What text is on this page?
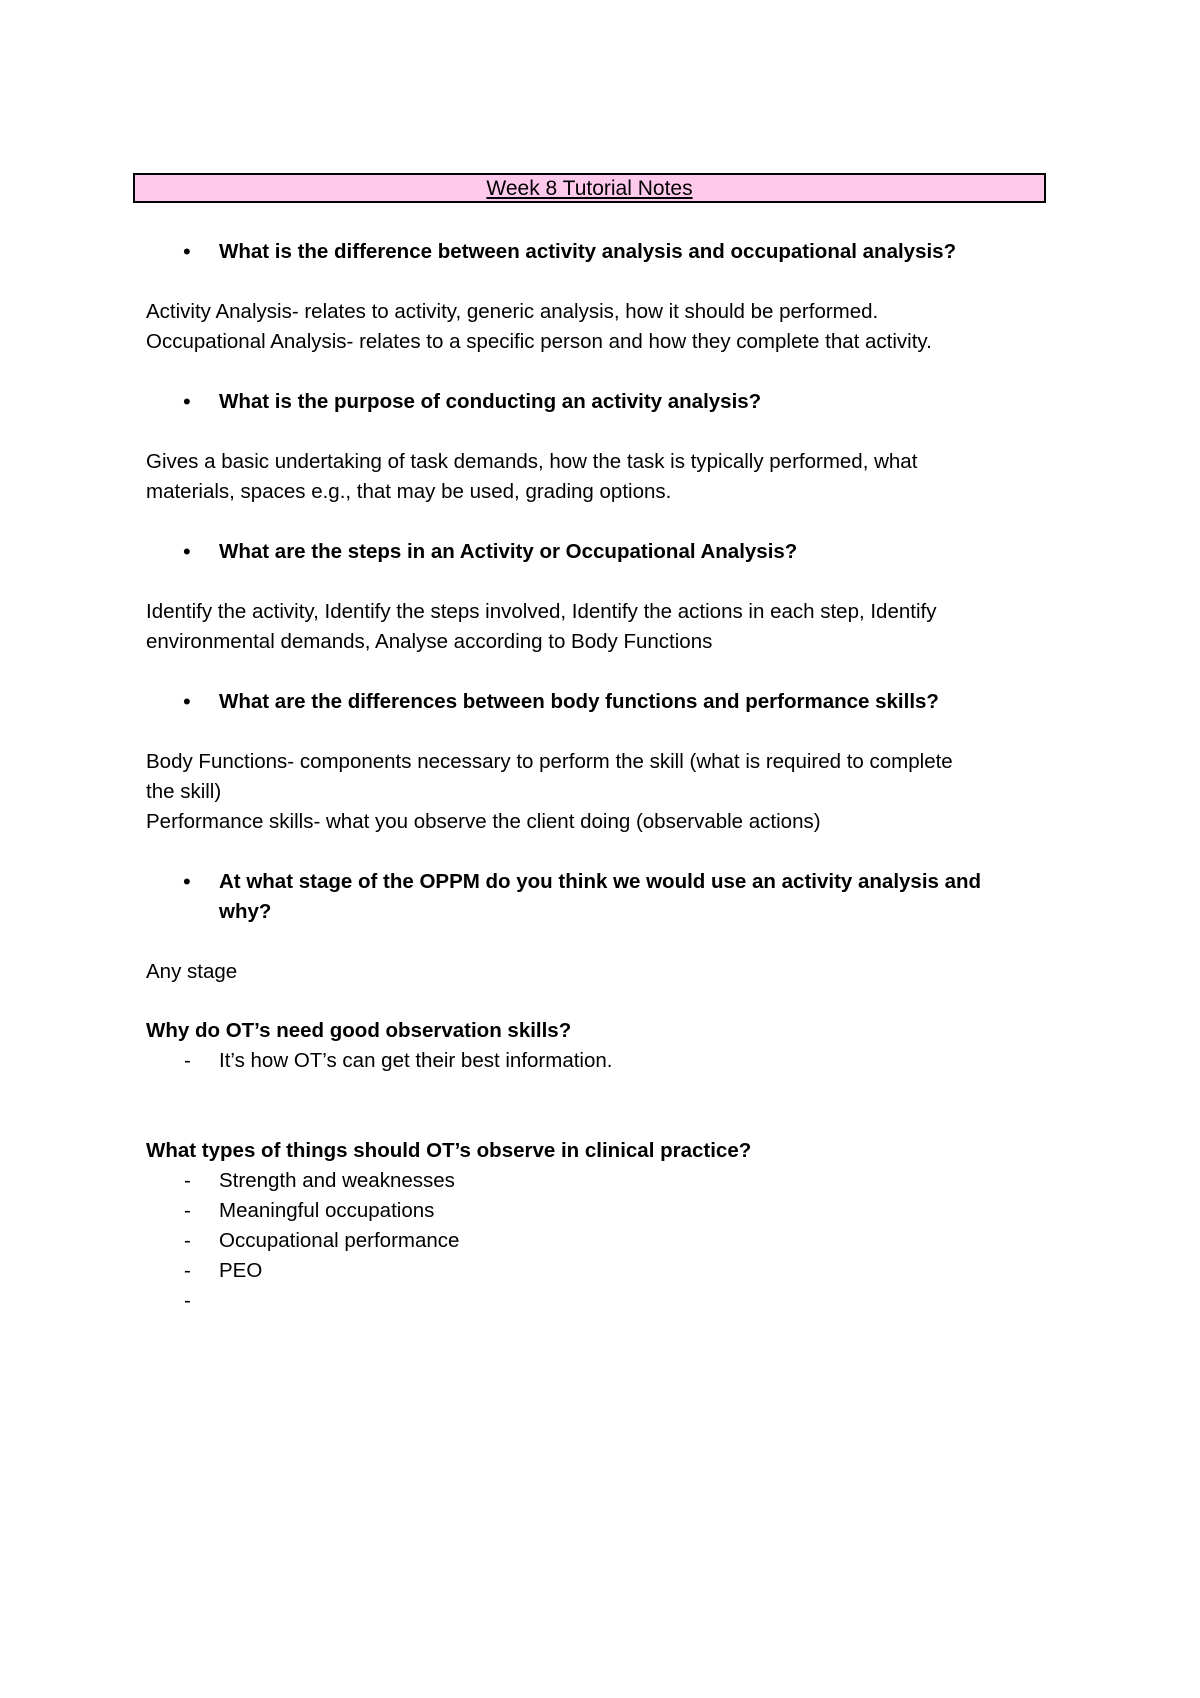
Week 8 Tutorial Notes
• What is the difference between activity analysis and occupational analysis?
Activity Analysis- relates to activity, generic analysis, how it should be performed.
Occupational Analysis- relates to a specific person and how they complete that activity.
• What is the purpose of conducting an activity analysis?
Gives a basic undertaking of task demands, how the task is typically performed, what
materials, spaces e.g., that may be used, grading options.
• What are the steps in an Activity or Occupational Analysis?
Identify the activity, Identify the steps involved, Identify the actions in each step, Identify
environmental demands, Analyse according to Body Functions
• What are the differences between body functions and performance skills?
Body Functions- components necessary to perform the skill (what is required to complete
the skill)
Performance skills- what you observe the client doing (observable actions)
• At what stage of the OPPM do you think we would use an activity analysis and
why?
Any stage
Why do OT’s need good observation skills?
- It’s how OT’s can get their best information.
What types of things should OT’s observe in clinical practice?
- Strength and weaknesses
- Meaningful occupations
- Occupational performance
- PEO
-
